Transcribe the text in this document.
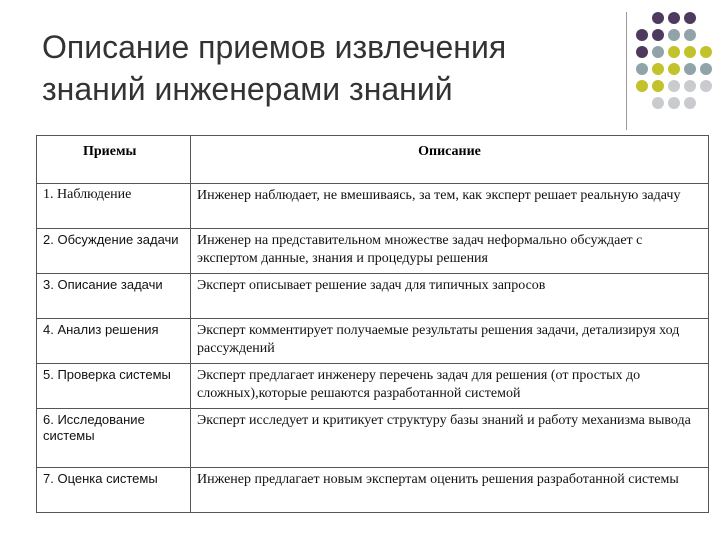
Описание приемов извлечения знаний инженерами знаний
Приемы	Описание
1. Наблюдение	Инженер наблюдает, не вмешиваясь, за тем, как эксперт решает реальную задачу
2. Обсуждение задачи	Инженер на представительном множестве задач неформально обсуждает с экспертом данные, знания и процедуры решения
3. Описание задачи	Эксперт описывает решение задач для типичных запросов
4. Анализ решения	Эксперт комментирует получаемые результаты решения задачи, детализируя ход рассуждений
5. Проверка системы	Эксперт предлагает инженеру перечень задач для решения (от простых до сложных),которые решаются разработанной системой
6. Исследование системы	Эксперт исследует и критикует структуру базы знаний и работу механизма вывода
7. Оценка системы	Инженер предлагает новым экспертам оценить решения разработанной системы
